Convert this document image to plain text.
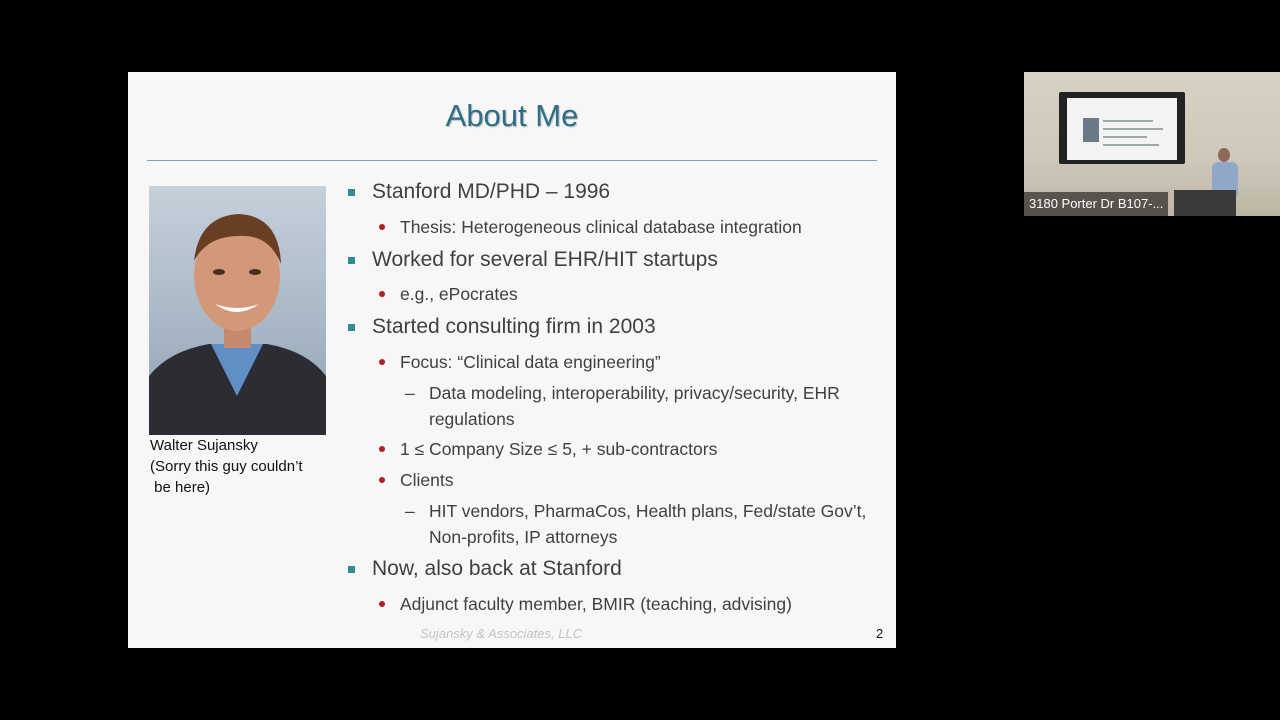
About Me
Walter Sujansky
(Sorry this guy couldn’t
be here)
Stanford MD/PHD – 1996
Thesis: Heterogeneous clinical database integration
Worked for several EHR/HIT startups
e.g., ePocrates
Started consulting firm in 2003
Focus: “Clinical data engineering”
– Data modeling, interoperability, privacy/security, EHR regulations
1 ≤ Company Size ≤ 5, + sub-contractors
Clients
– HIT vendors, PharmaCos, Health plans, Fed/state Gov’t, Non-profits, IP attorneys
Now, also back at Stanford
Adjunct faculty member, BMIR (teaching, advising)
Sujansky & Associates, LLC	2
3180 Porter Dr B107-...
